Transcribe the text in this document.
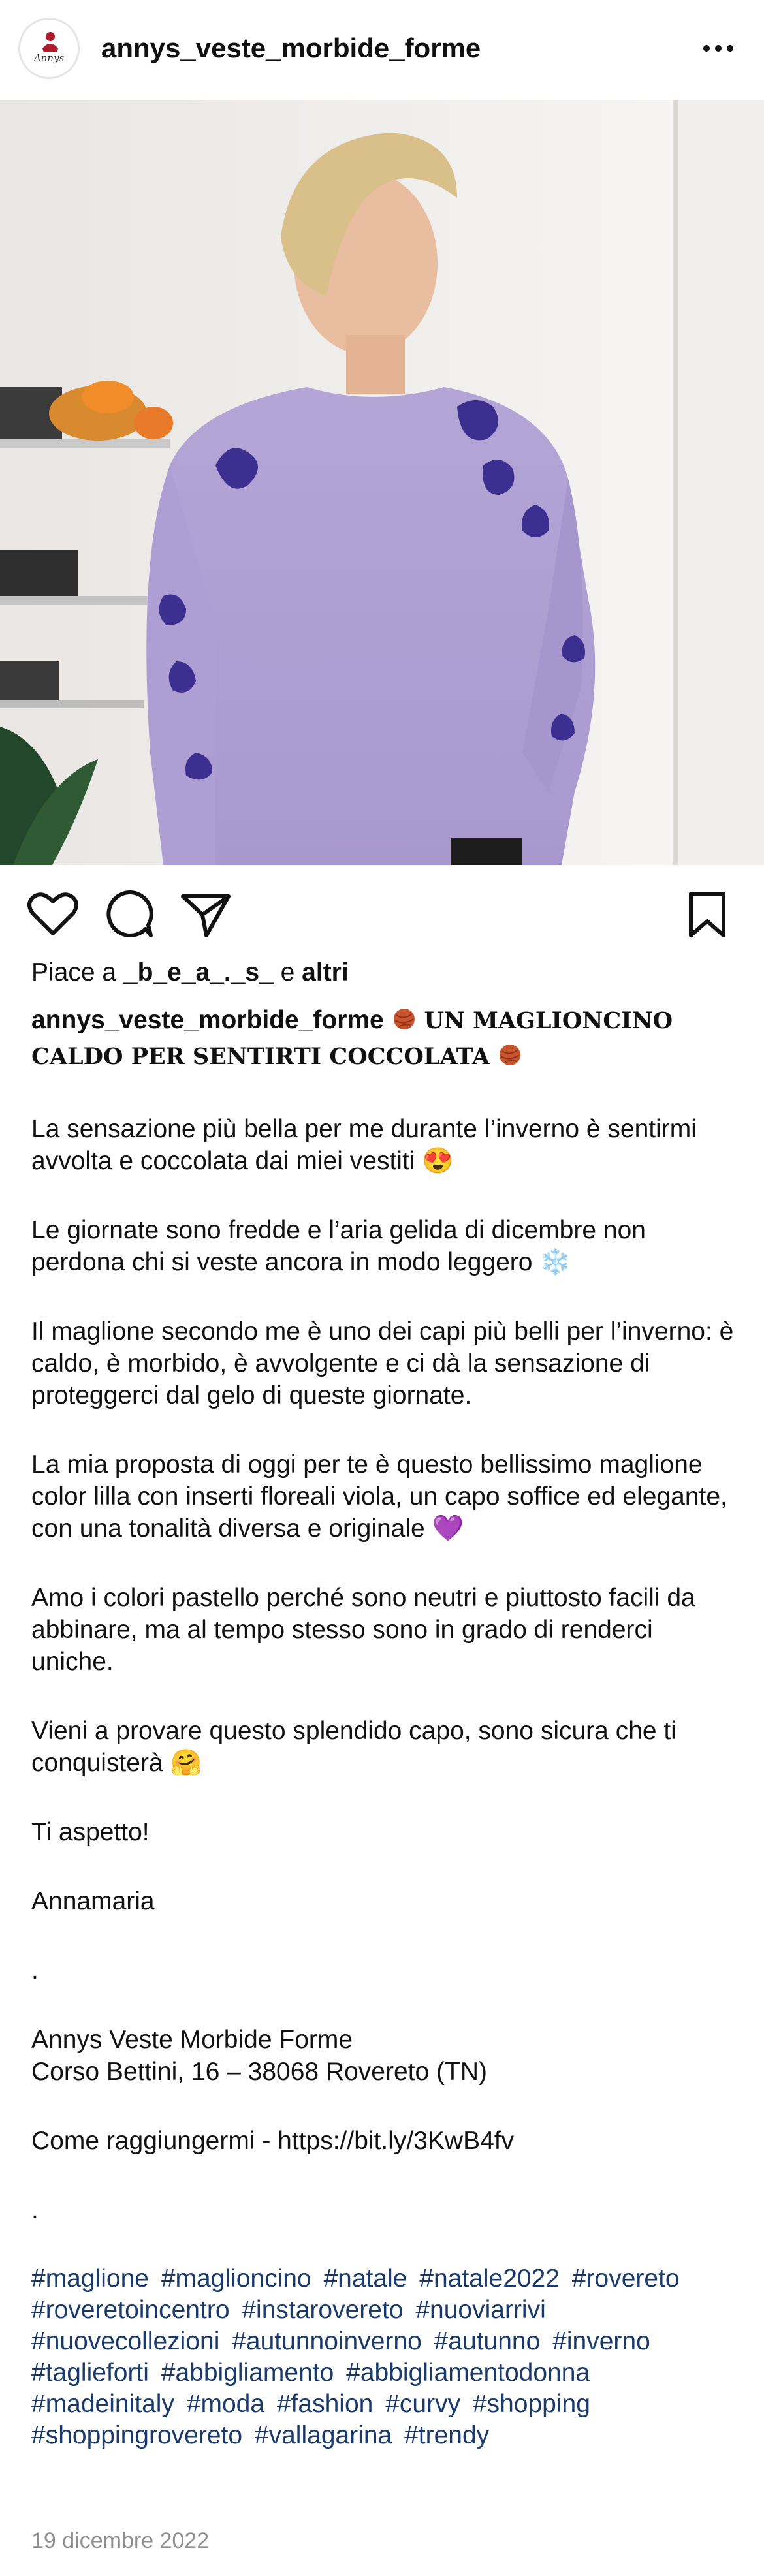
Annys annys_veste_morbide_forme
Piace a _b_e_a_._s_ e altri
annys_veste_morbide_forme UN MAGLIONCINO CALDO PER SENTIRTI COCCOLATA

La sensazione più bella per me durante l’inverno è sentirmi avvolta e coccolata dai miei vestiti 😍

Le giornate sono fredde e l’aria gelida di dicembre non perdona chi si veste ancora in modo leggero ❄️

Il maglione secondo me è uno dei capi più belli per l’inverno: è caldo, è morbido, è avvolgente e ci dà la sensazione di proteggerci dal gelo di queste giornate.

La mia proposta di oggi per te è questo bellissimo maglione color lilla con inserti floreali viola, un capo soffice ed elegante, con una tonalità diversa e originale 💜

Amo i colori pastello perché sono neutri e piuttosto facili da abbinare, ma al tempo stesso sono in grado di renderci uniche.

Vieni a provare questo splendido capo, sono sicura che ti conquisterà 🤗

Ti aspetto!

Annamaria

.

Annys Veste Morbide Forme
Corso Bettini, 16 – 38068 Rovereto (TN)

Come raggiungermi - https://bit.ly/3KwB4fv

.

#maglione #maglioncino #natale #natale2022 #rovereto #roveretoincentro #instarovereto #nuoviarrivi #nuovecollezioni #autunnoinverno #autunno #inverno #taglieforti #abbigliamento #abbigliamentodonna #madeinitaly #moda #fashion #curvy #shopping #shoppingrovereto #vallagarina #trendy
19 dicembre 2022
